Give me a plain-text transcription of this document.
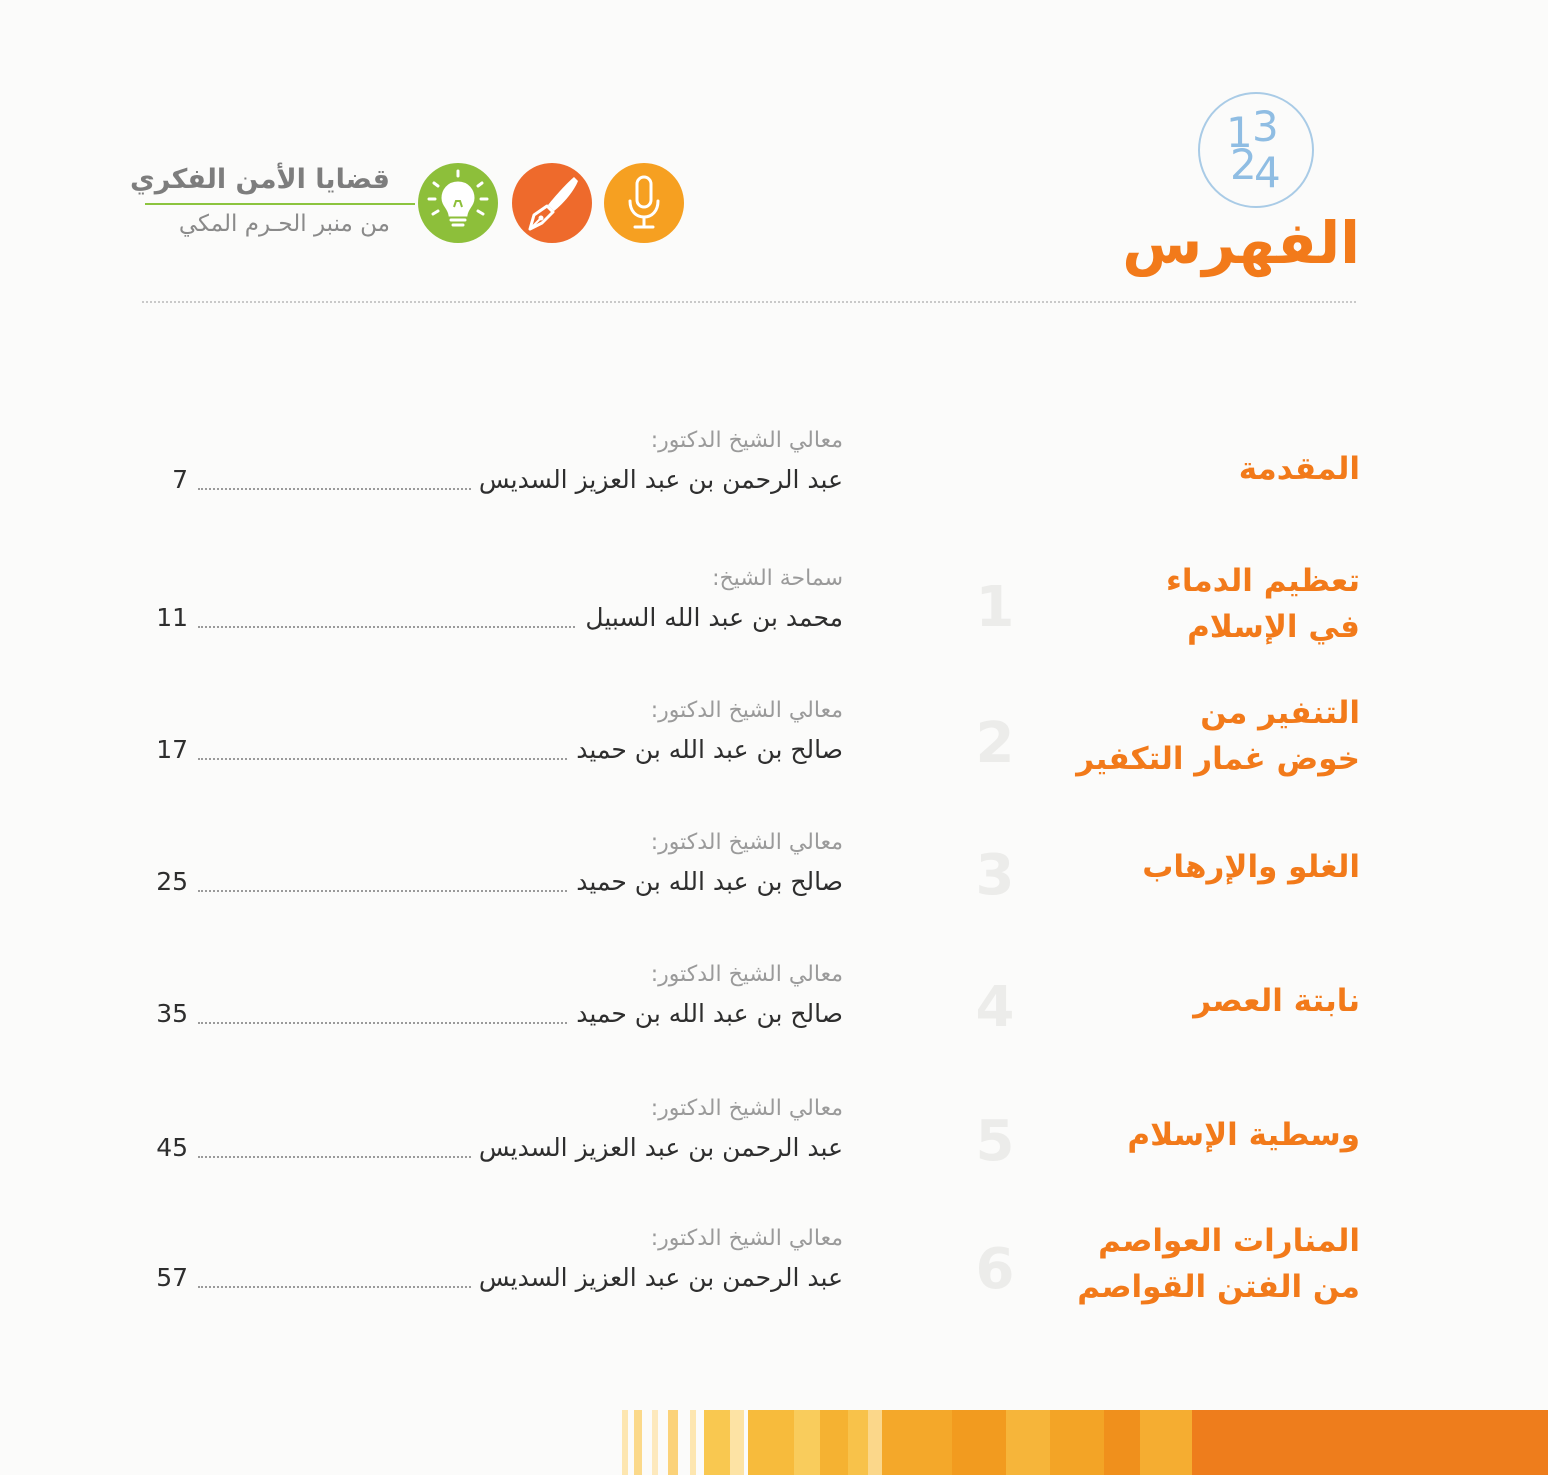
1 3
2
4
الفهرس
قضايا الأمن الفكري
من منبر الحـرم المكي
1
2
3
4
5
6
المقدمة
معالي الشيخ الدكتور:
عبد الرحمن بن عبد العزيز السديس
7
تعظيم الدماء
في الإسلام
سماحة الشيخ:
محمد بن عبد الله السبيل
11
التنفير من
خوض غمار التكفير
معالي الشيخ الدكتور:
صالح بن عبد الله بن حميد
17
الغلو والإرهاب
معالي الشيخ الدكتور:
صالح بن عبد الله بن حميد
25
نابتة العصر
معالي الشيخ الدكتور:
صالح بن عبد الله بن حميد
35
وسطية الإسلام
معالي الشيخ الدكتور:
عبد الرحمن بن عبد العزيز السديس
45
المنارات العواصم
من الفتن القواصم
معالي الشيخ الدكتور:
عبد الرحمن بن عبد العزيز السديس
57
